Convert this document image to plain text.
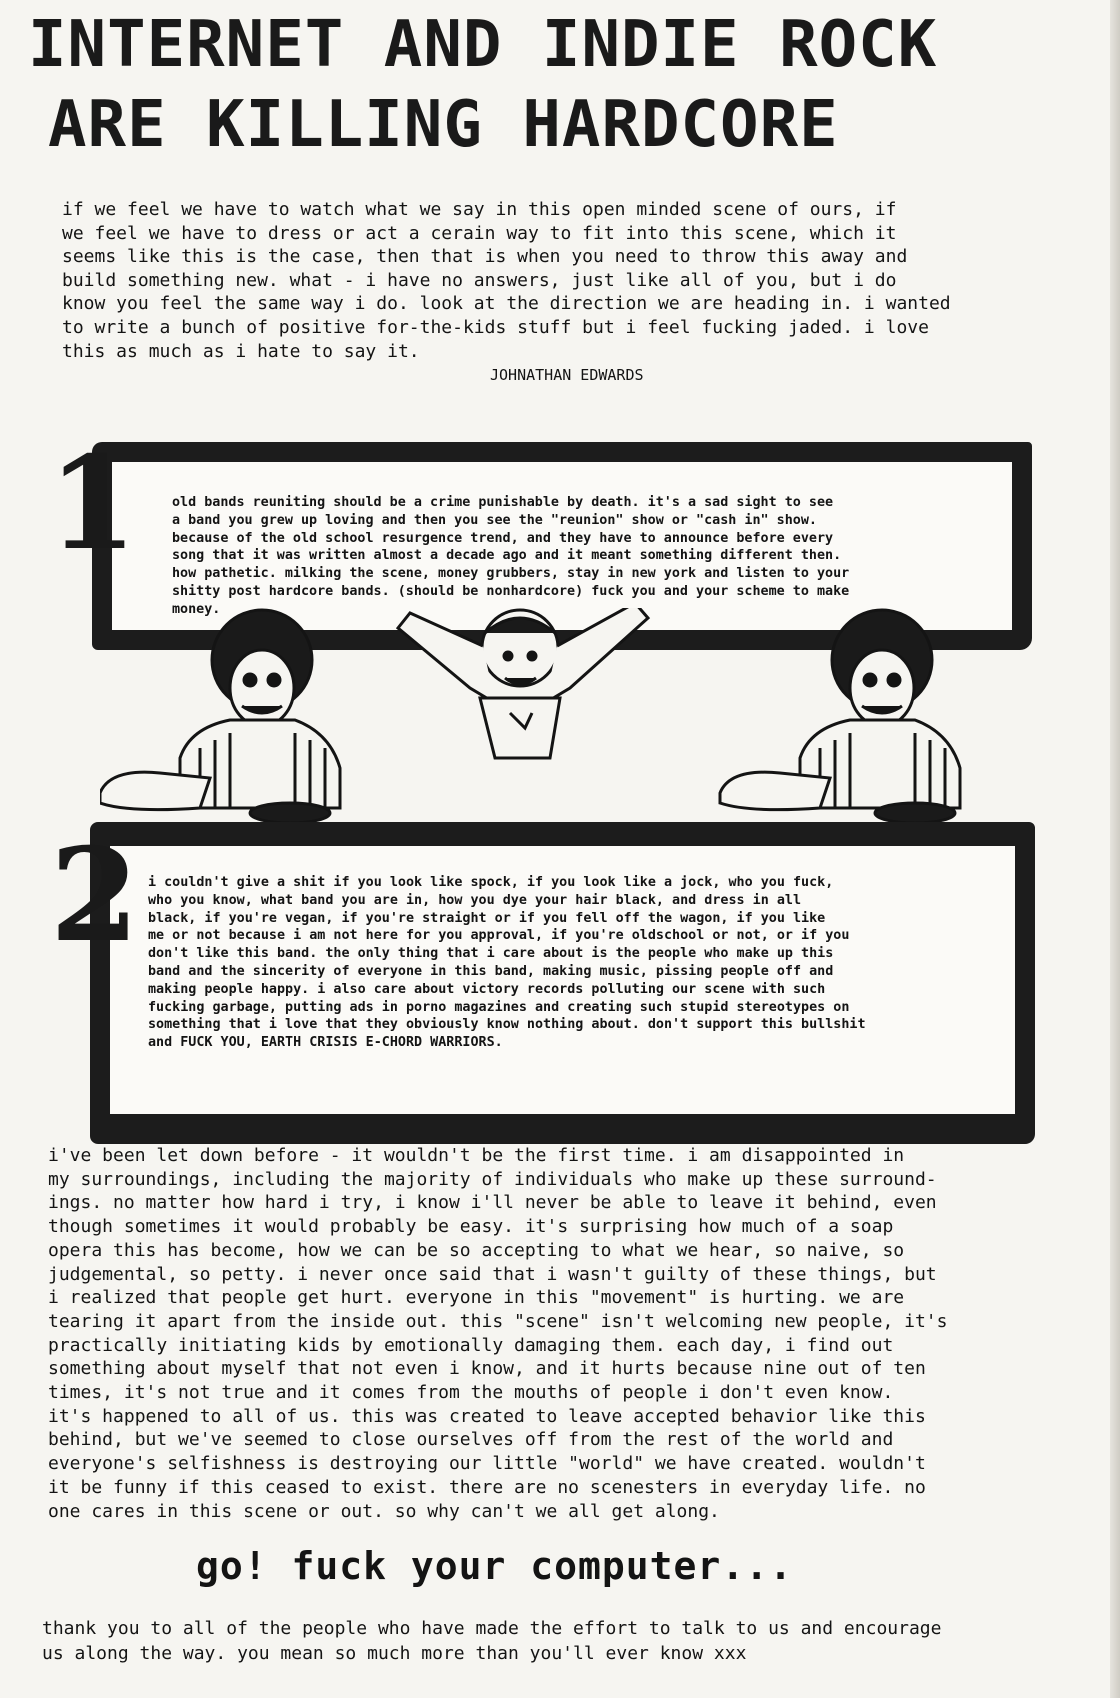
INTERNET AND INDIE ROCK
ARE KILLING HARDCORE

if we feel we have to watch what we say in this open minded scene of ours, if
we feel we have to dress or act a cerain way to fit into this scene, which it
seems like this is the case, then that is when you need to throw this away and
build something new. what - i have no answers, just like all of you, but i do
know you feel the same way i do. look at the direction we are heading in. i wanted
to write a bunch of positive for-the-kids stuff but i feel fucking jaded. i love
this as much as i hate to say it.

JOHNATHAN EDWARDS
1	old bands reuniting should be a crime punishable by death. it's a sad sight to see
a band you grew up loving and then you see the "reunion" show or "cash in" show.
because of the old school resurgence trend, and they have to announce before every
song that it was written almost a decade ago and it meant something different then.
how pathetic. milking the scene, money grubbers, stay in new york and listen to your
shitty post hardcore bands. (should be nonhardcore) fuck you and your scheme to make
money.

2 i couldn't give a shit if you look like spock, if you look like a jock, who you fuck,
who you know, what band you are in, how you dye your hair black, and dress in all
black, if you're vegan, if you're straight or if you fell off the wagon, if you like
me or not because i am not here for you approval, if you're oldschool or not, or if you
don't like this band. the only thing that i care about is the people who make up this
band and the sincerity of everyone in this band, making music, pissing people off and
making people happy. i also care about victory records polluting our scene with such
fucking garbage, putting ads in porno magazines and creating such stupid stereotypes on
something that i love that they obviously know nothing about. don't support this bullshit
and FUCK YOU, EARTH CRISIS E-CHORD WARRIORS.

i've been let down before - it wouldn't be the first time. i am disappointed in
my surroundings, including the majority of individuals who make up these surround-
ings. no matter how hard i try, i know i'll never be able to leave it behind, even
though sometimes it would probably be easy. it's surprising how much of a soap
opera this has become, how we can be so accepting to what we hear, so naive, so
judgemental, so petty. i never once said that i wasn't guilty of these things, but
i realized that people get hurt. everyone in this "movement" is hurting. we are
tearing it apart from the inside out. this "scene" isn't welcoming new people, it's
practically initiating kids by emotionally damaging them. each day, i find out
something about myself that not even i know, and it hurts because nine out of ten
times, it's not true and it comes from the mouths of people i don't even know.
it's happened to all of us. this was created to leave accepted behavior like this
behind, but we've seemed to close ourselves off from the rest of the world and
everyone's selfishness is destroying our little "world" we have created. wouldn't
it be funny if this ceased to exist. there are no scenesters in everyday life. no
one cares in this scene or out. so why can't we all get along.

go! fuck your computer...

thank you to all of the people who have made the effort to talk to us and encourage
us along the way. you mean so much more than you'll ever know xxx
